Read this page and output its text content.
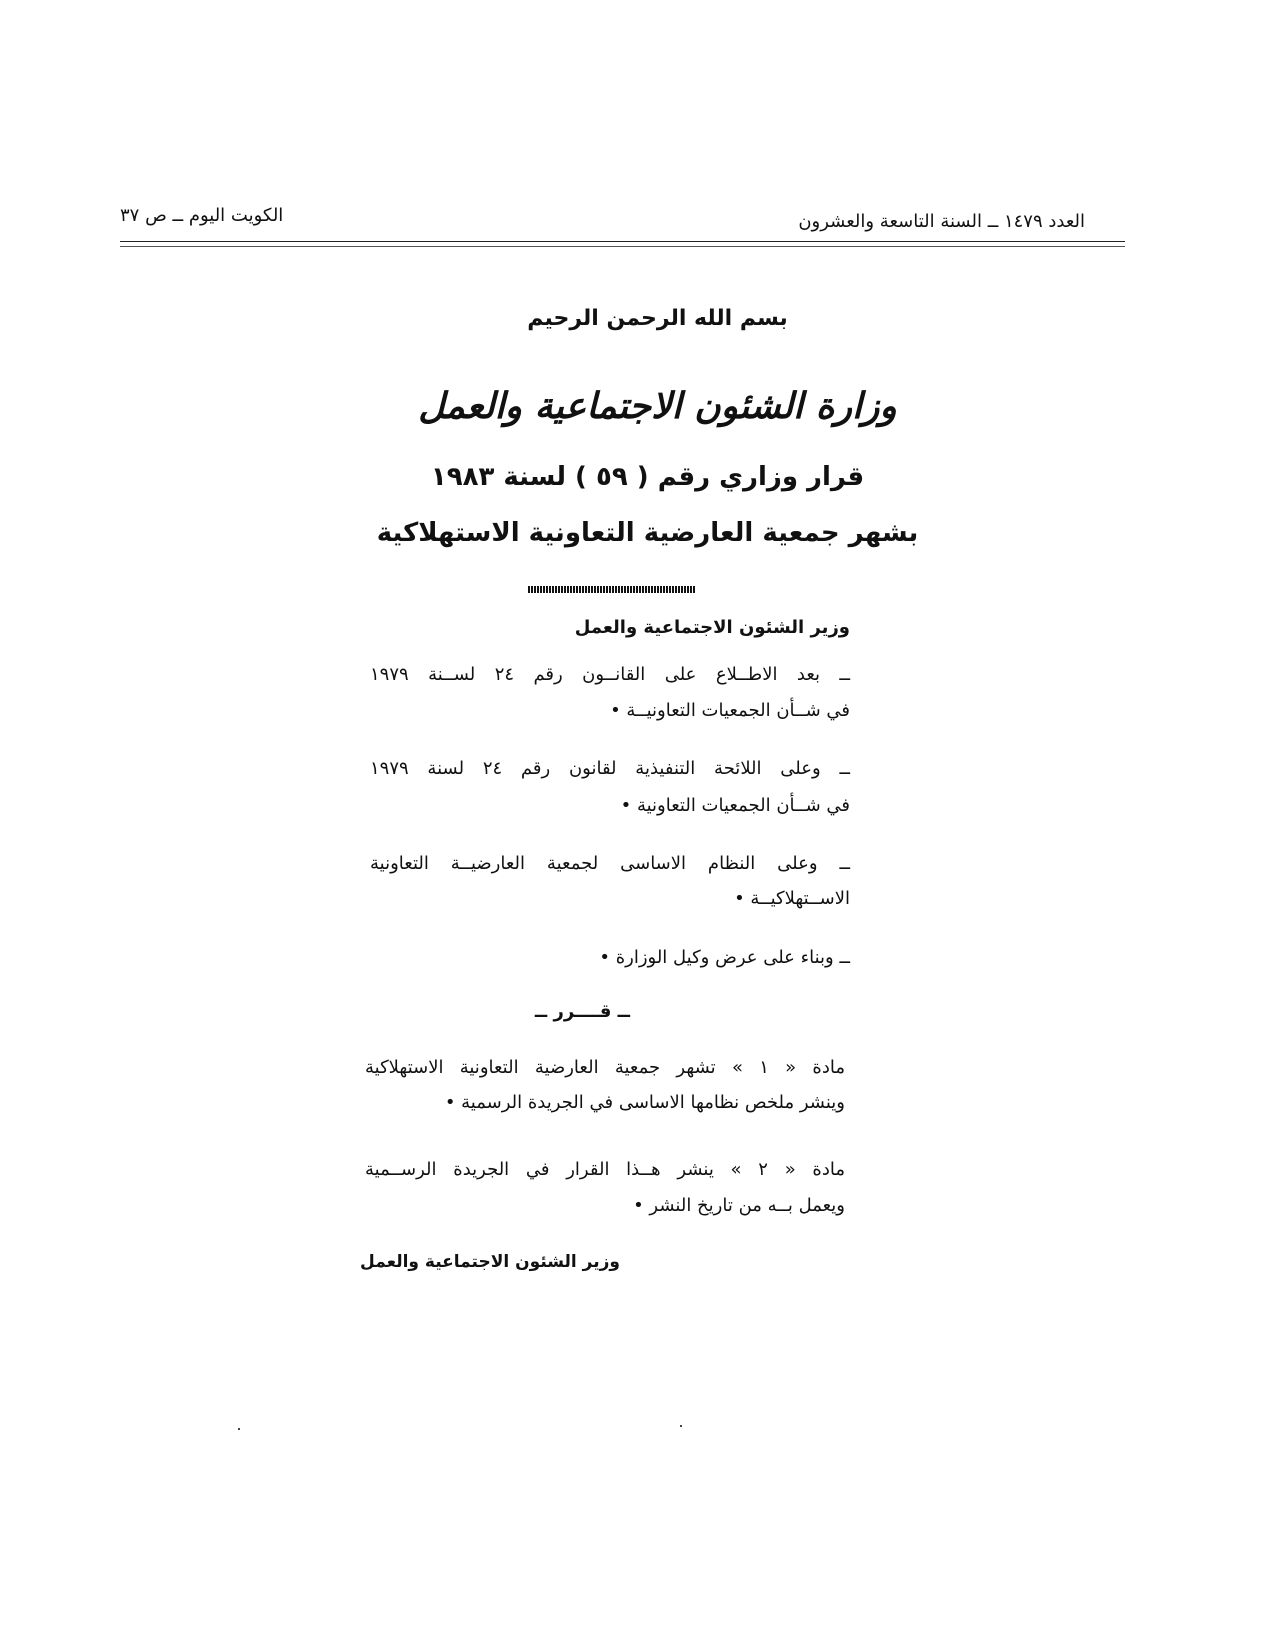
العدد ١٤٧٩ ــ السنة التاسعة والعشرون
الكويت اليوم ــ ص ٣٧
بسم الله الرحمن الرحيم
وزارة الشئون الاجتماعية والعمل
قرار وزاري رقم ( ٥٩ ) لسنة ١٩٨٣
بشهر جمعية العارضية التعاونية الاستهلاكية
وزير الشئون الاجتماعية والعمل
ــ بعد الاطــلاع على القانــون رقم ٢٤ لســنة ١٩٧٩
في شــأن الجمعيات التعاونيــة •
ــ وعلى اللائحة التنفيذية لقانون رقم ٢٤ لسنة ١٩٧٩
في شــأن الجمعيات التعاونية •
ــ وعلى النظام الاساسى لجمعية العارضيــة التعاونية
الاســتهلاكيــة •
ــ وبناء على عرض وكيل الوزارة •
ــ قــــرر ــ
مادة « ١ » تشهر جمعية العارضية التعاونية الاستهلاكية
وينشر ملخص نظامها الاساسى في الجريدة الرسمية •
مادة « ٢ » ينشر هــذا القرار في الجريدة الرســمية
ويعمل بــه من تاريخ النشر •
وزير الشئون الاجتماعية والعمل
